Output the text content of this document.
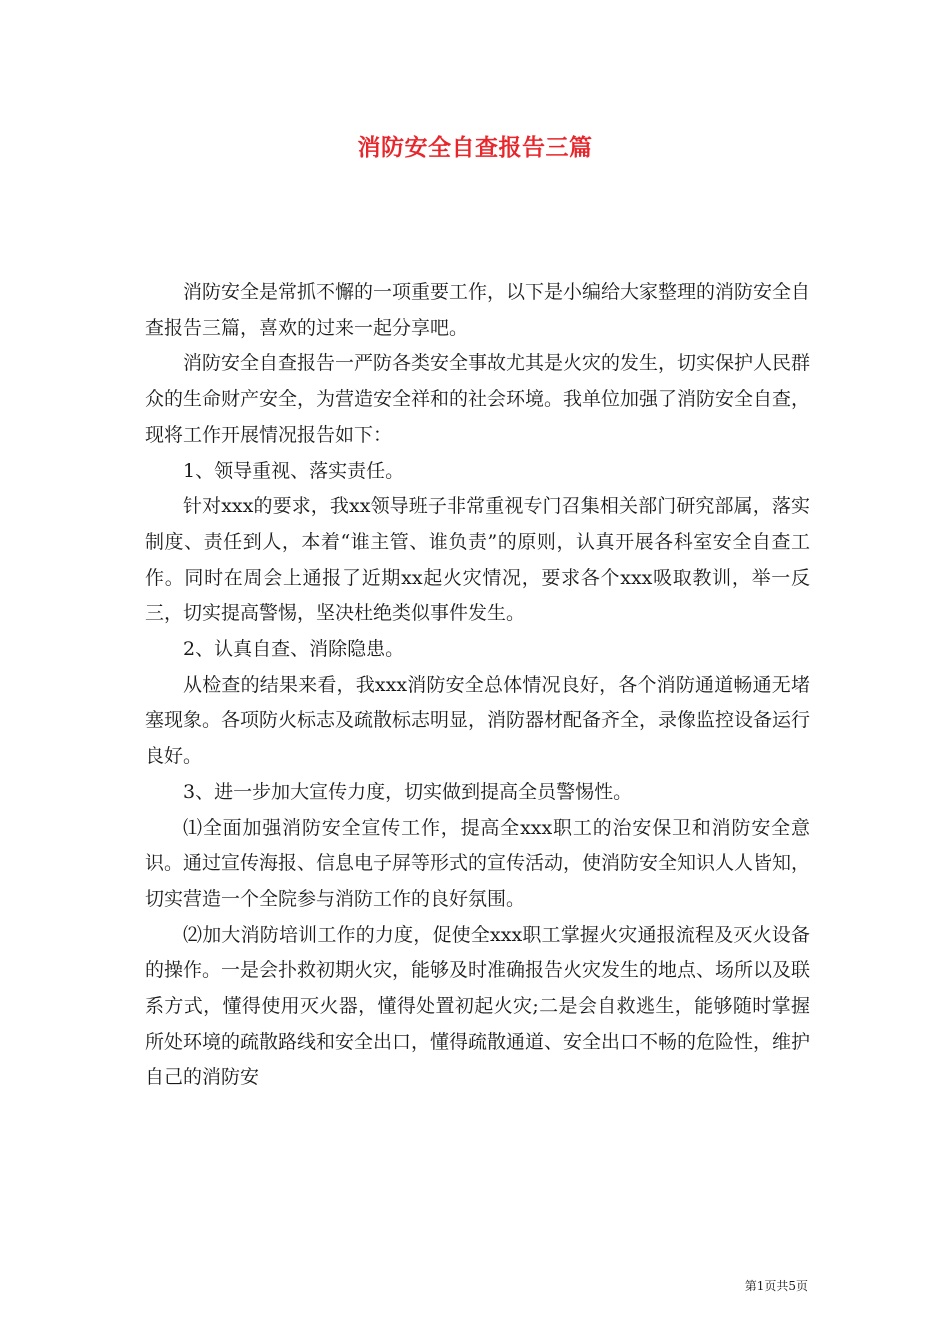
消防安全自查报告三篇

消防安全是常抓不懈的一项重要工作，以下是小编给大家整理的消防安全自查报告三篇，喜欢的过来一起分享吧。

消防安全自查报告一严防各类安全事故尤其是火灾的发生，切实保护人民群众的生命财产安全，为营造安全祥和的社会环境。我单位加强了消防安全自查，现将工作开展情况报告如下：

1、领导重视、落实责任。

针对xxx的要求，我xx领导班子非常重视专门召集相关部门研究部属，落实制度、责任到人，本着“谁主管、谁负责”的原则，认真开展各科室安全自查工作。同时在周会上通报了近期xx起火灾情况，要求各个xxx吸取教训，举一反三，切实提高警惕，坚决杜绝类似事件发生。

2、认真自查、消除隐患。

从检查的结果来看，我xxx消防安全总体情况良好，各个消防通道畅通无堵塞现象。各项防火标志及疏散标志明显，消防器材配备齐全，录像监控设备运行良好。

3、进一步加大宣传力度，切实做到提高全员警惕性。

⑴全面加强消防安全宣传工作，提高全xxx职工的治安保卫和消防安全意识。通过宣传海报、信息电子屏等形式的宣传活动，使消防安全知识人人皆知，切实营造一个全院参与消防工作的良好氛围。

⑵加大消防培训工作的力度，促使全xxx职工掌握火灾通报流程及灭火设备的操作。一是会扑救初期火灾，能够及时准确报告火灾发生的地点、场所以及联系方式，懂得使用灭火器，懂得处置初起火灾;二是会自救逃生，能够随时掌握所处环境的疏散路线和安全出口，懂得疏散通道、安全出口不畅的危险性，维护自己的消防安

第1页共5页
